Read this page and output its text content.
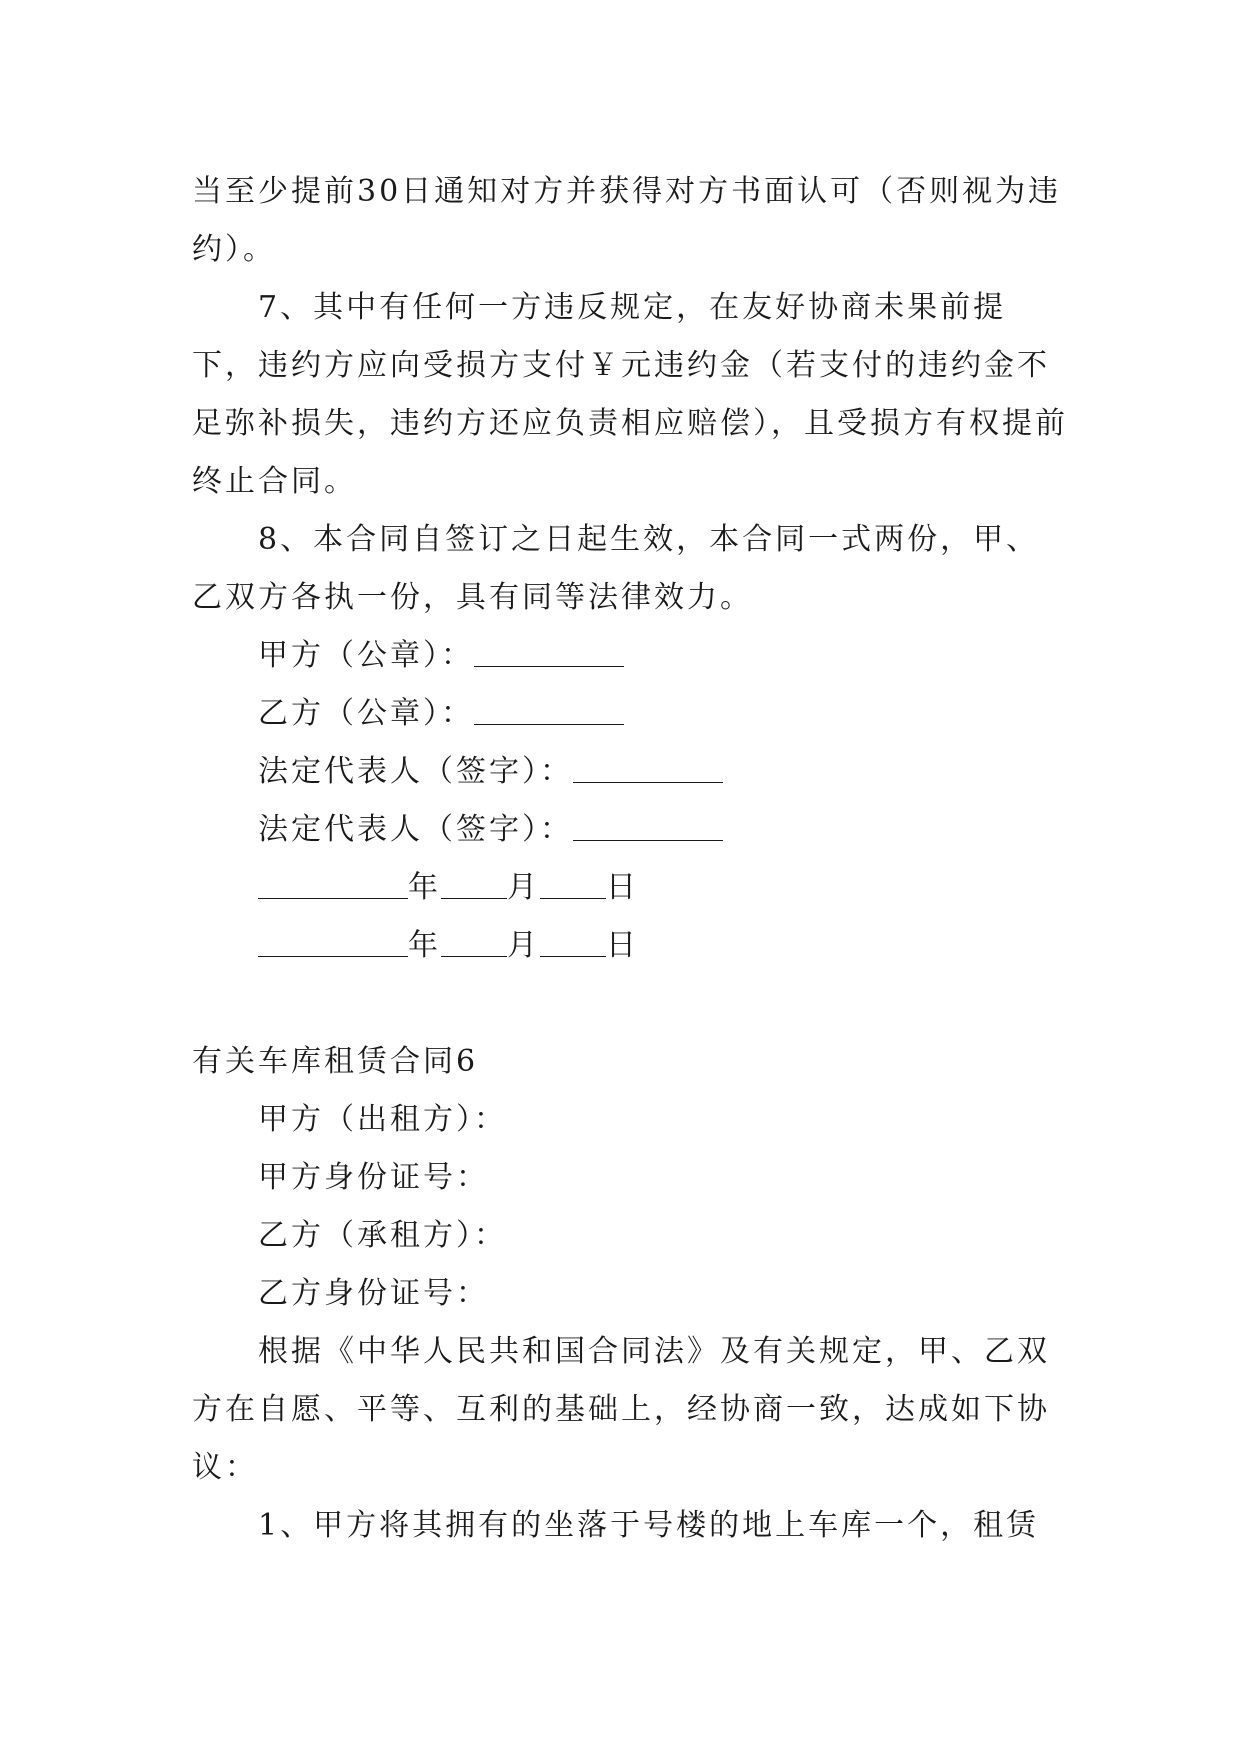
当至少提前30日通知对方并获得对方书面认可（否则视为违约）。

7、其中有任何一方违反规定，在友好协商未果前提下，违约方应向受损方支付￥元违约金（若支付的违约金不足弥补损失，违约方还应负责相应赔偿），且受损方有权提前终止合同。

8、本合同自签订之日起生效，本合同一式两份，甲、乙双方各执一份，具有同等法律效力。

甲方（公章）：
乙方（公章）：
法定代表人（签字）：
法定代表人（签字）：
年 月 日
年 月 日

有关车库租赁合同6

甲方（出租方）：
甲方身份证号：
乙方（承租方）：
乙方身份证号：

根据《中华人民共和国合同法》及有关规定，甲、乙双方在自愿、平等、互利的基础上，经协商一致，达成如下协议：

1、甲方将其拥有的坐落于号楼的地上车库一个，租赁
